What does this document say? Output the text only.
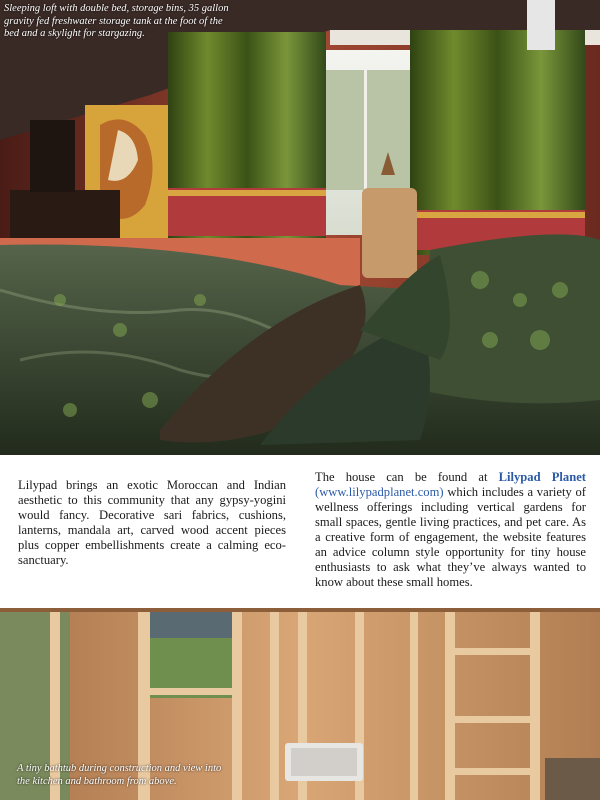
Sleeping loft with double bed, storage bins, 35 gallon gravity fed freshwater storage tank at the foot of the bed and a skylight for stargazing.

Lilypad brings an exotic Moroccan and Indian aesthetic to this community that any gypsy-yogini would fancy. Decorative sari fabrics, cushions, lanterns, mandala art, carved wood accent pieces plus copper embellishments create a calming eco-sanctuary.

The house can be found at Lilypad Planet (www.lilypadplanet.com) which includes a variety of wellness offerings including vertical gardens for small spaces, gentle living practices, and pet care. As a creative form of engagement, the website features an advice column style opportunity for tiny house enthusiasts to ask what they’ve always wanted to know about these small homes.

A tiny bathtub during construction and view into the kitchen and bathroom from above.
